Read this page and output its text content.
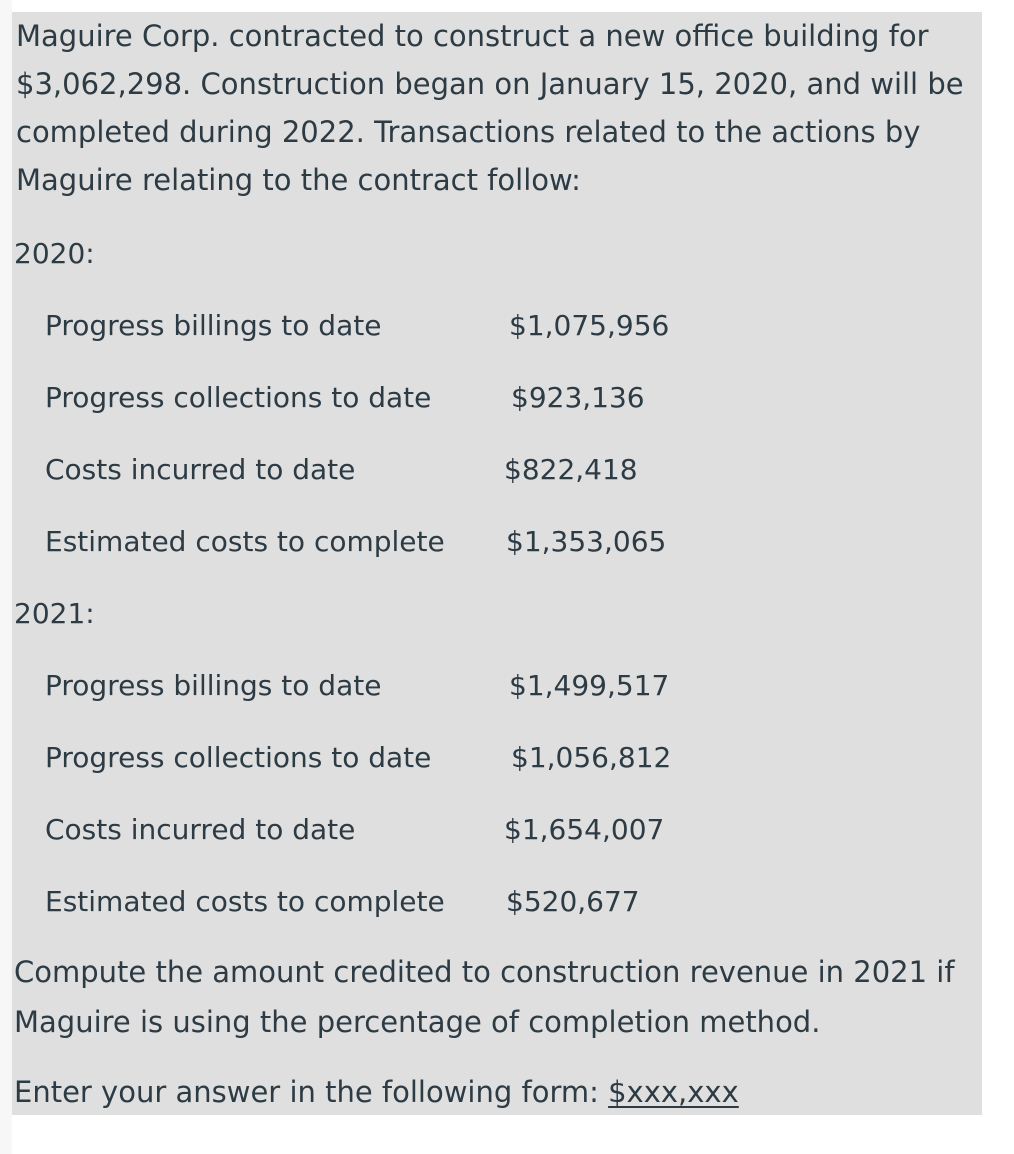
Maguire Corp. contracted to construct a new office building for
$3,062,298. Construction began on January 15, 2020, and will be
completed during 2022. Transactions related to the actions by
Maguire relating to the contract follow:
2020:
Progress billings to date	$1,075,956
Progress collections to date	$923,136
Costs incurred to date	$822,418
Estimated costs to complete $1,353,065
2021:
Progress billings to date	$1,499,517
Progress collections to date	$1,056,812
Costs incurred to date	$1,654,007
Estimated costs to complete $520,677
Compute the amount credited to construction revenue in 2021 if
Maguire is using the percentage of completion method.
Enter your answer in the following form: $xxx,xxx
